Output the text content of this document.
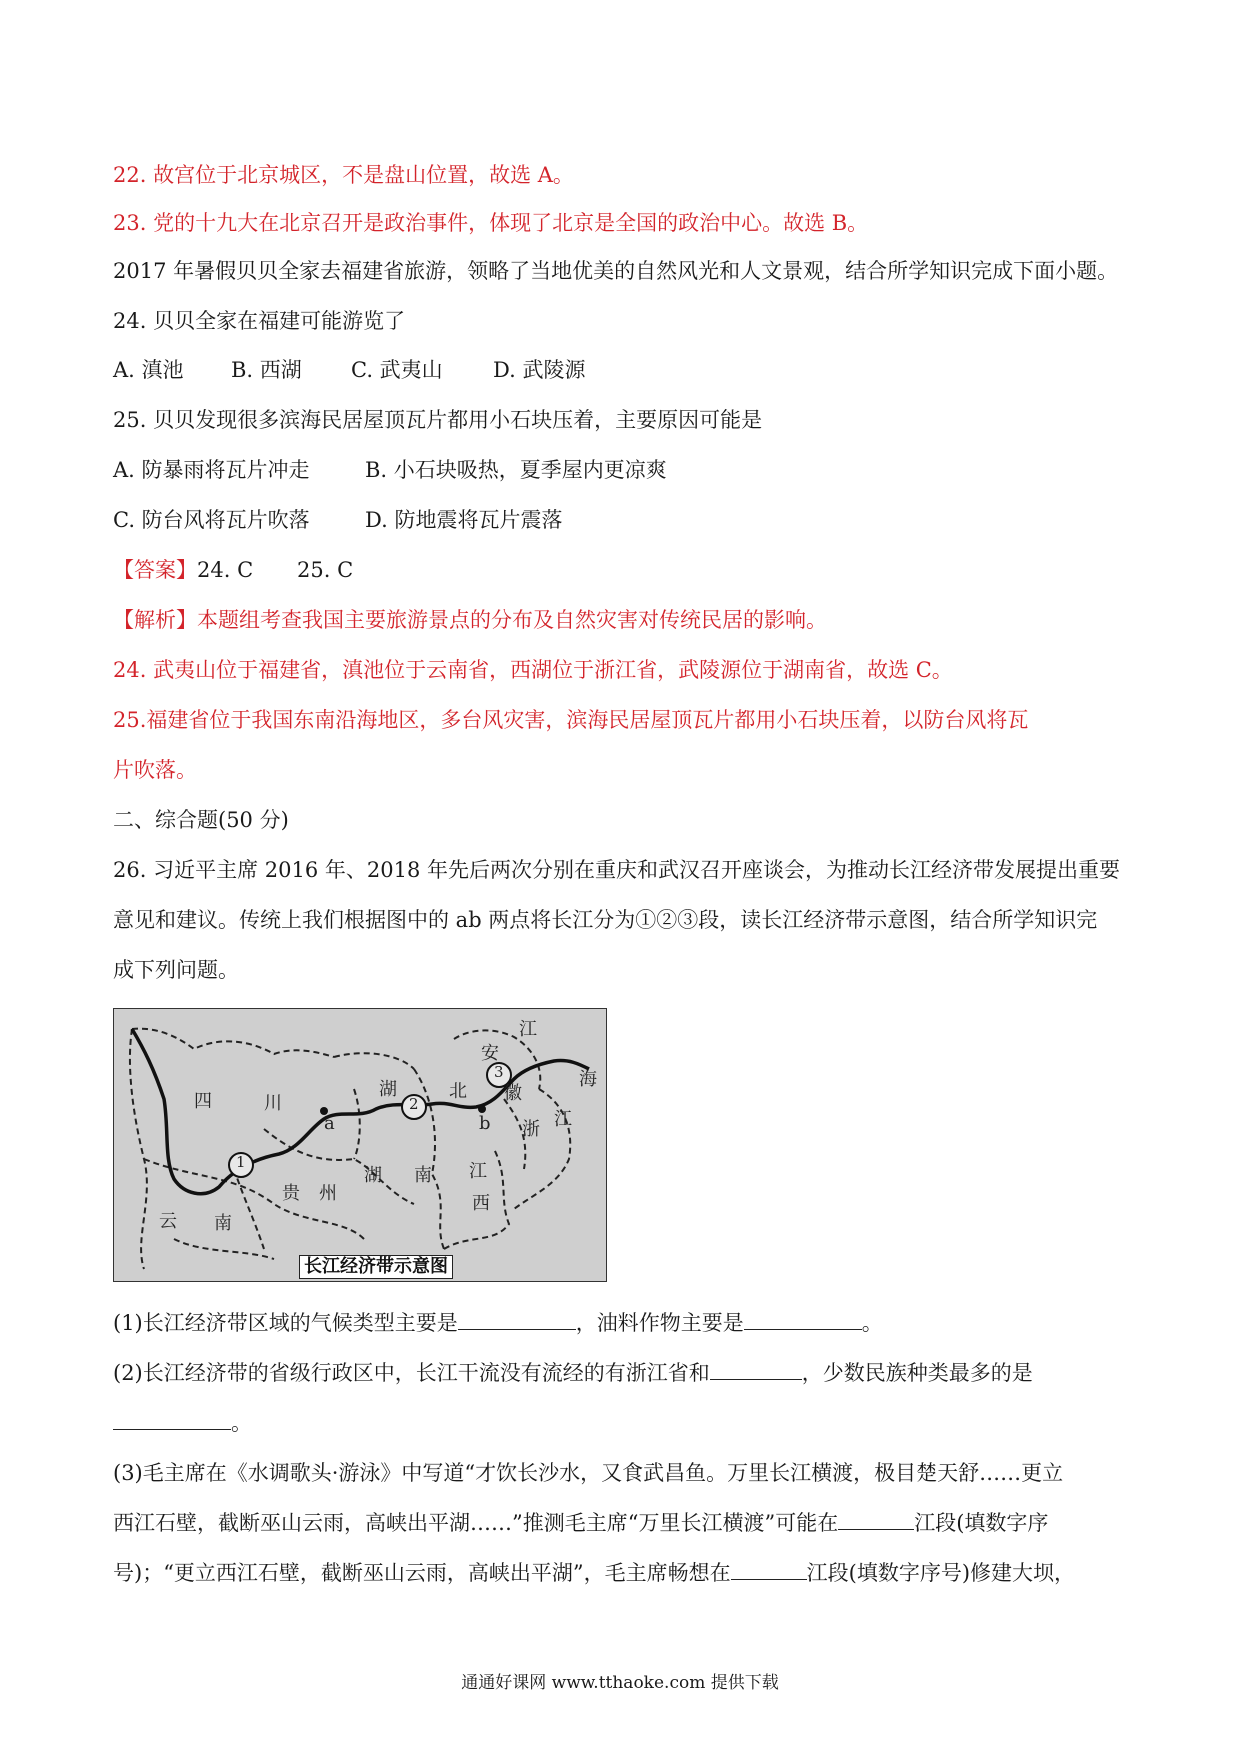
22. 故宫位于北京城区，不是盘山位置，故选 A。
23. 党的十九大在北京召开是政治事件，体现了北京是全国的政治中心。故选 B。
2017 年暑假贝贝全家去福建省旅游，领略了当地优美的自然风光和人文景观，结合所学知识完成下面小题。
24. 贝贝全家在福建可能游览了
A. 滇池 B. 西湖 C. 武夷山 D. 武陵源
25. 贝贝发现很多滨海民居屋顶瓦片都用小石块压着，主要原因可能是
A. 防暴雨将瓦片冲走	B. 小石块吸热，夏季屋内更凉爽
C. 防台风将瓦片吹落	D. 防地震将瓦片震落
【答案】24. C 25. C
【解析】本题组考查我国主要旅游景点的分布及自然灾害对传统民居的影响。
24. 武夷山位于福建省，滇池位于云南省，西湖位于浙江省，武陵源位于湖南省，故选 C。
25.福建省位于我国东南沿海地区，多台风灾害，滨海民居屋顶瓦片都用小石块压着，以防台风将瓦
片吹落。
二、综合题(50 分)
26. 习近平主席 2016 年、2018 年先后两次分别在重庆和武汉召开座谈会，为推动长江经济带发展提出重要
意见和建议。传统上我们根据图中的 ab 两点将长江分为①②③段，读长江经济带示意图，结合所学知识完
成下列问题。
四	川
湖	北
湖 南
贵 州
云 南
江
西
安
徽
浙 江
江
海
a	b
1
2
3
长江经济带示意图
(1)长江经济带区域的气候类型主要是	，油料作物主要是	。
(2)长江经济带的省级行政区中，长江干流没有流经的有浙江省和	，少数民族种类最多的是
。
(3)毛主席在《水调歌头·游泳》中写道“才饮长沙水，又食武昌鱼。万里长江横渡，极目楚天舒……更立
西江石壁，截断巫山云雨，高峡出平湖……”推测毛主席“万里长江横渡”可能在	江段(填数字序
号)；“更立西江石壁，截断巫山云雨，高峡出平湖”，毛主席畅想在	江段(填数字序号)修建大坝，
通通好课网 www.tthaoke.com 提供下载
